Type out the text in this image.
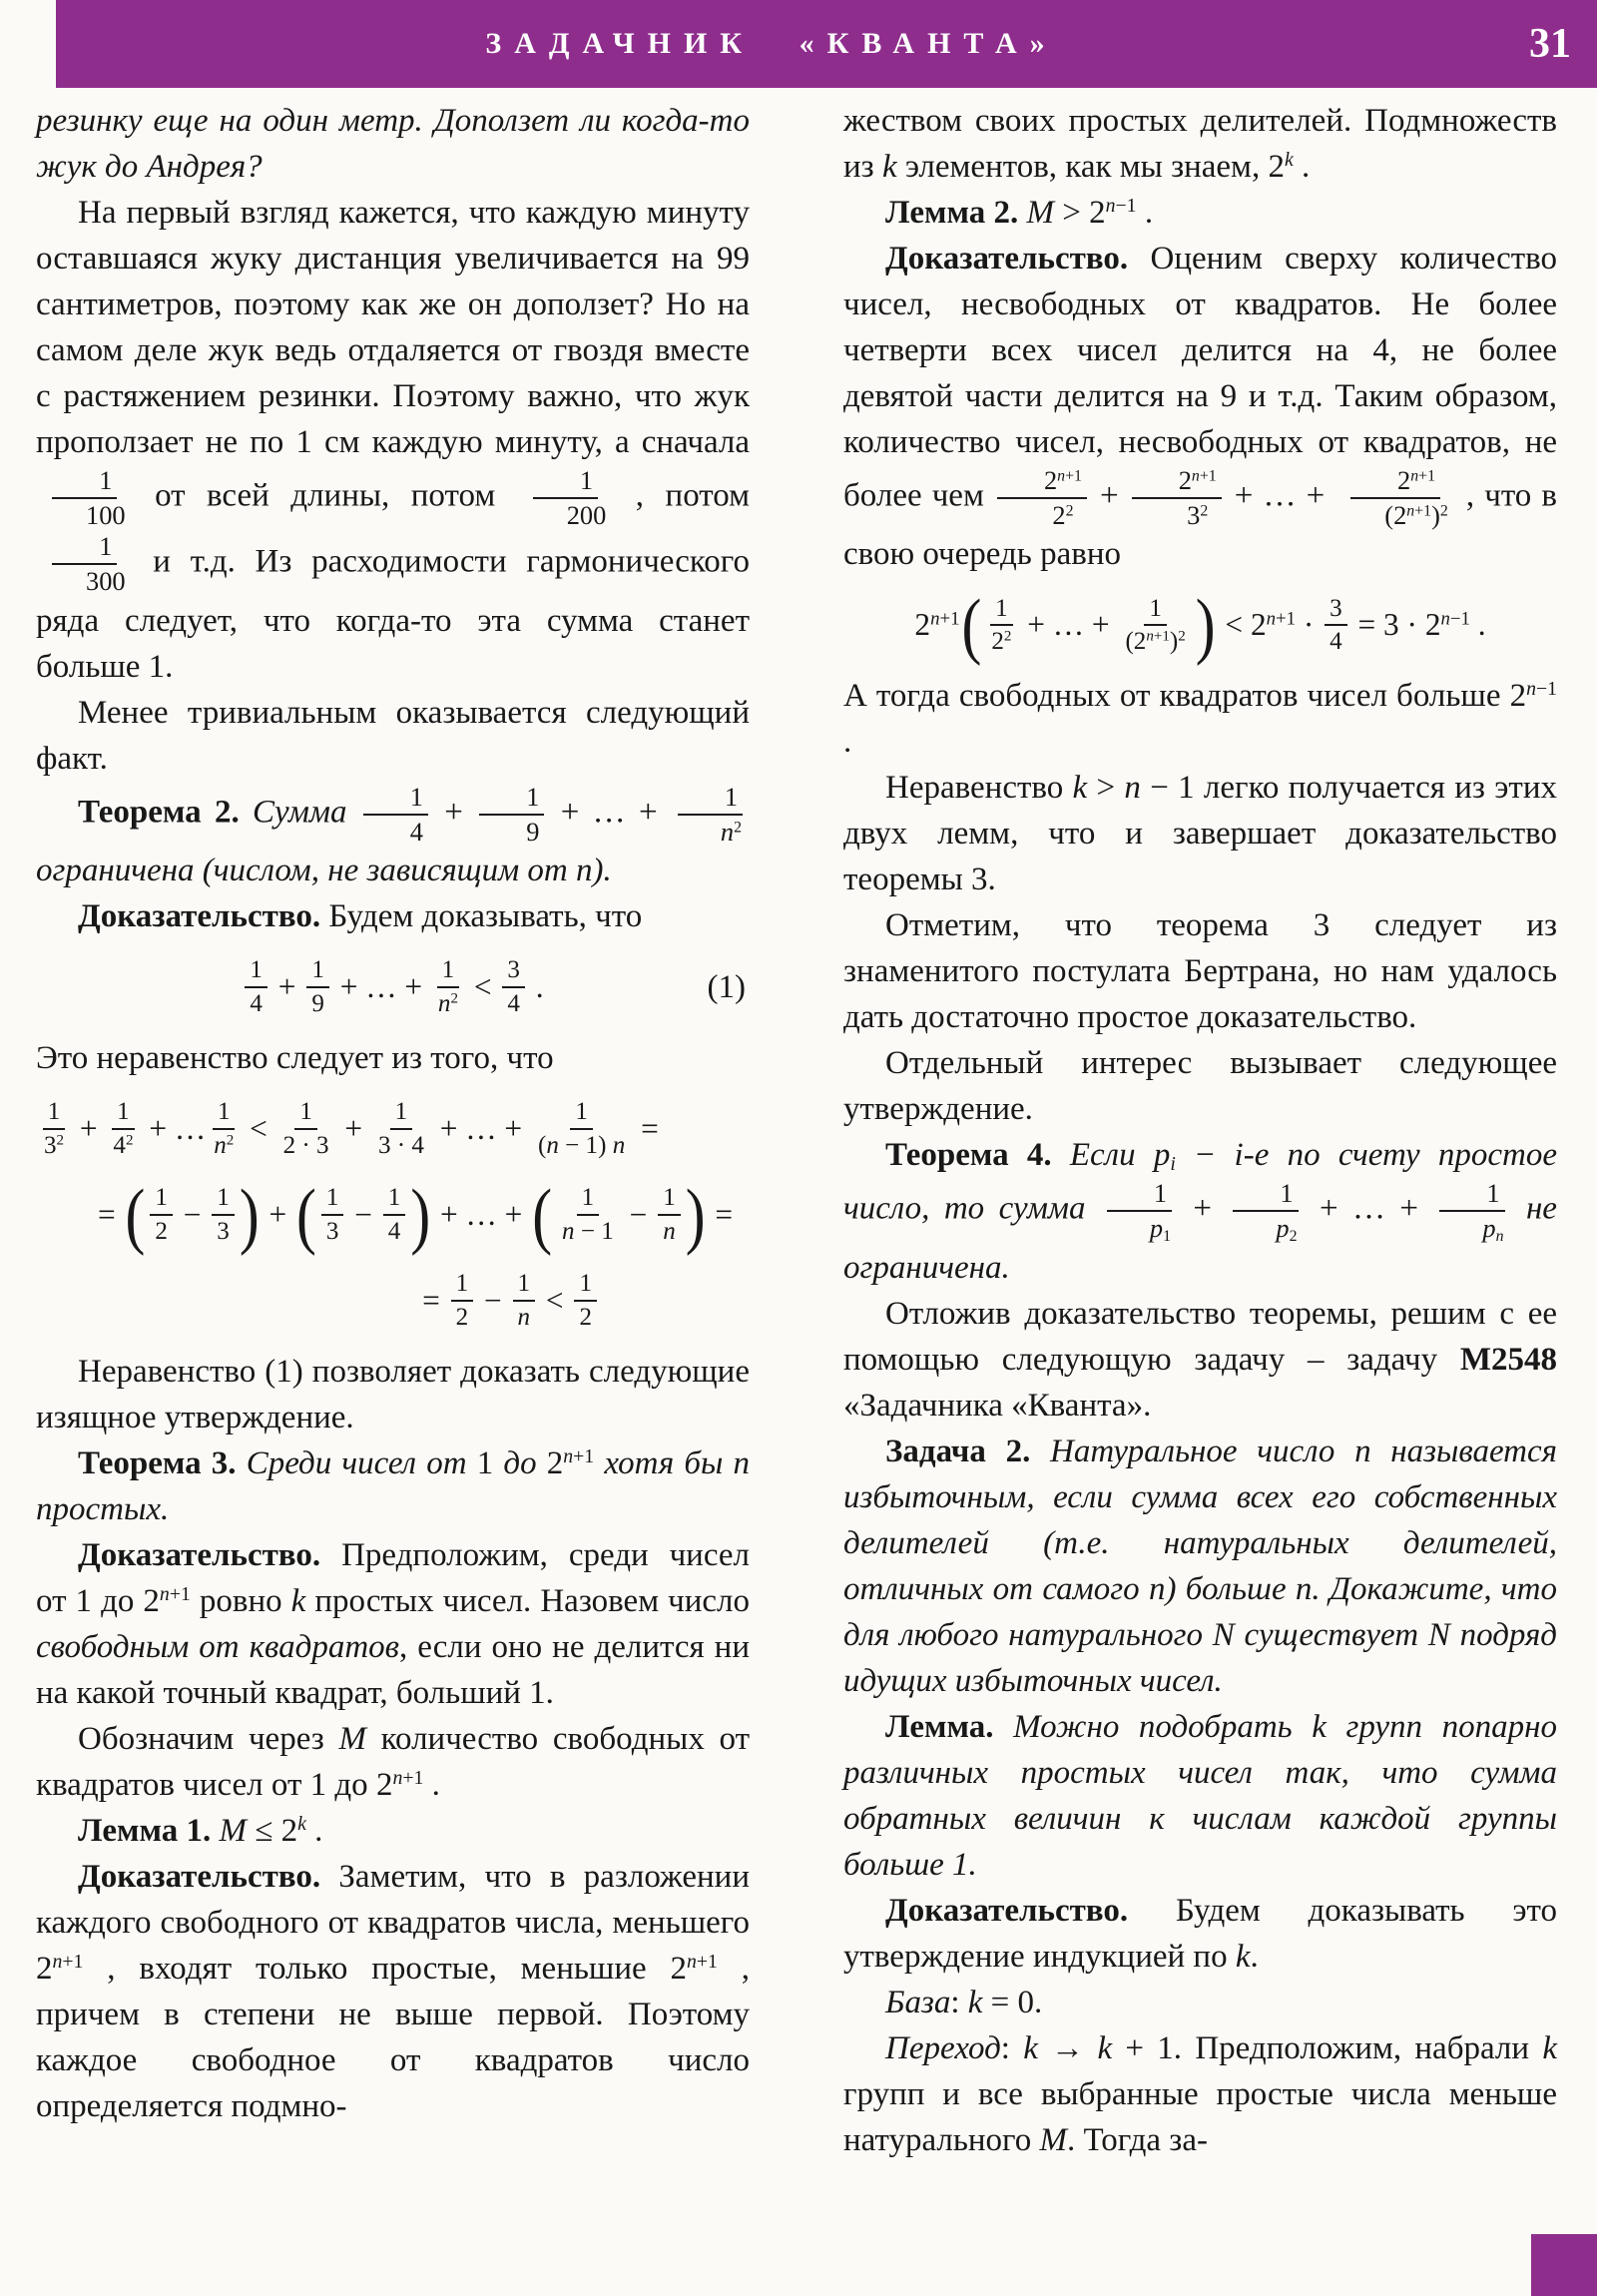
ЗАДАЧНИК «КВАНТА»	31

резинку еще на один метр. Доползет ли когда-то жук до Андрея?

На первый взгляд кажется, что каждую минуту оставшаяся жуку дистанция увеличивается на 99 сантиметров, поэтому как же он доползет? Но на самом деле жук ведь отдаляется от гвоздя вместе с растяжением резинки. Поэтому важно, что жук проползает не по 1 см каждую минуту, а сначала
$\frac{1}{100}$ от всей длины, потом $\frac{1}{200}$ , потом
$\frac{1}{300}$ и т.д. Из расходимости гармонического ряда следует, что когда-то эта сумма станет больше 1.

Менее тривиальным оказывается следующий факт.

Теорема 2. Сумма $\frac{1}{4} + \frac{1}{9}$ + … + $\frac{1}{n^2}$
ограничена (числом, не зависящим от n).

Доказательство. Будем доказывать, что

$\frac{1}{4} + \frac{1}{9}$ + … + $\frac{1}{n^2} < \frac{3}{4}$ .	(1)

Это неравенство следует из того, что

$\frac{1}{3^2} + \frac{1}{4^2}$ + … $\frac{1}{n^2} < \frac{1}{2 \cdot 3} + \frac{1}{3 \cdot 4}$ + … + $\frac{1}{(n - 1) n}$ =
= ( $\frac{1}{2} - \frac{1}{3}$ ) + ( $\frac{1}{3} - \frac{1}{4}$ ) + … + ( $\frac{1}{n - 1} - \frac{1}{n}$ ) =
= $\frac{1}{2} - \frac{1}{n} < \frac{1}{2}$

Неравенство (1) позволяет доказать следующие изящное утверждение.

Теорема 3. Среди чисел от 1 до $2^{n+1}$ хотя бы n простых.

Доказательство. Предположим, среди чисел от 1 до $2^{n+1}$ ровно k простых чисел. Назовем число свободным от квадратов, если оно не делится ни на какой точный квадрат, больший 1.

Обозначим через M количество свободных от квадратов чисел от 1 до $2^{n+1}$ .

Лемма 1. $M \le 2^k$ .

Доказательство. Заметим, что в разложении каждого свободного от квадратов числа, меньшего $2^{n+1}$ , входят только простые, меньшие $2^{n+1}$ , причем в степени не выше первой. Поэтому каждое свободное от квадратов число определяется подмно-

жеством своих простых делителей. Подмножеств из k элементов, как мы знаем, 2$^k$ .

Лемма 2. $M > 2^{n-1}$ .

Доказательство. Оценим сверху количество чисел, несвободных от квадратов. Не более четверти всех чисел делится на 4, не более девятой части делится на 9 и т.д. Таким образом, количество чисел, несвободных от квадратов, не более чем $\frac{2^{n+1}}{2^2} + \frac{2^{n+1}}{3^2}$ + … + $\frac{2^{n+1}}{(2^{n+1})^2}$ , что в свою очередь равно

$2^{n+1}$ ( $\frac{1}{2^2}$ + … + $\frac{1}{(2^{n+1})^2}$ ) < $2^{n+1} \cdot \frac{3}{4} = 3 \cdot 2^{n-1}$ .

А тогда свободных от квадратов чисел больше $2^{n-1}$ .

Неравенство k > n − 1 легко получается из этих двух лемм, что и завершает доказательство теоремы 3.

Отметим, что теорема 3 следует из знаменитого постулата Бертрана, но нам удалось дать достаточно простое доказательство.

Отдельный интерес вызывает следующее утверждение.

Теорема 4. Если $p_i - i-е$ по счету простое число, то сумма $\frac{1}{p_1} + \frac{1}{p_2}$ + … + $\frac{1}{p_n}$ не ограничена.

Отложив доказательство теоремы, решим с ее помощью следующую задачу – задачу М2548 «Задачника «Кванта».

Задача 2. Натуральное число n называется избыточным, если сумма всех его собственных делителей (т.е. натуральных делителей, отличных от самого n) больше n. Докажите, что для любого натурального N существует N подряд идущих избыточных чисел.

Лемма. Можно подобрать k групп попарно различных простых чисел так, что сумма обратных величин к числам каждой группы больше 1.

Доказательство. Будем доказывать это утверждение индукцией по k.

База: k = 0.

Переход: k → k + 1. Предположим, набрали k групп и все выбранные простые числа меньше натурального M. Тогда за-
